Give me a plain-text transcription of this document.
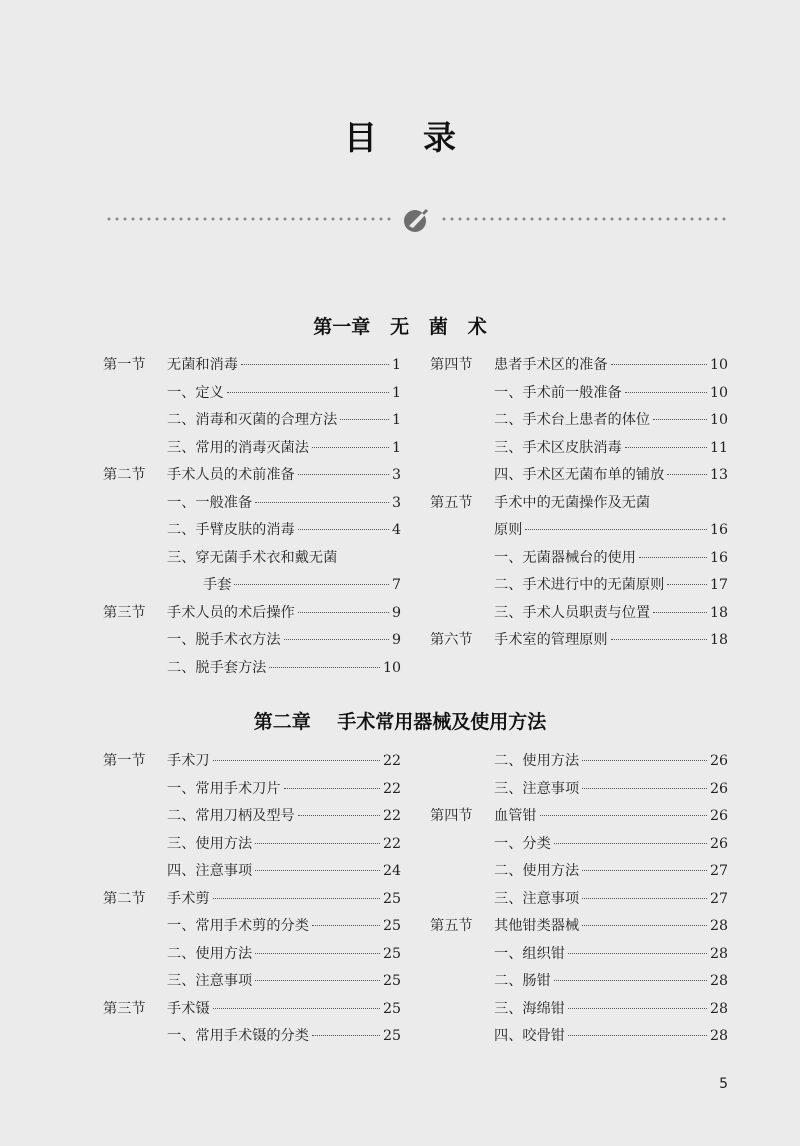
目    录
第一章   无   菌   术
第一节 无菌和消毒	1
一、定义	1
二、消毒和灭菌的合理方法	1
三、常用的消毒灭菌法	1
第二节 手术人员的术前准备	3
一、一般准备	3
二、手臂皮肤的消毒	4
三、穿无菌手术衣和戴无菌
手套	7
第三节 手术人员的术后操作	9
一、脱手术衣方法	9
二、脱手套方法	10
第四节 患者手术区的准备	10
一、手术前一般准备	10
二、手术台上患者的体位	10
三、手术区皮肤消毒	11
四、手术区无菌布单的铺放	13
第五节 手术中的无菌操作及无菌
原则	16
一、无菌器械台的使用	16
二、手术进行中的无菌原则	17
三、手术人员职责与位置	18
第六节 手术室的管理原则	18
第二章    手术常用器械及使用方法
第一节 手术刀	22
一、常用手术刀片	22
二、常用刀柄及型号	22
三、使用方法	22
四、注意事项	24
第二节 手术剪	25
一、常用手术剪的分类	25
二、使用方法	25
三、注意事项	25
第三节 手术镊	25
一、常用手术镊的分类	25
二、使用方法	26
三、注意事项	26
第四节 血管钳	26
一、分类	26
二、使用方法	27
三、注意事项	27
第五节 其他钳类器械	28
一、组织钳	28
二、肠钳	28
三、海绵钳	28
四、咬骨钳	28
5
